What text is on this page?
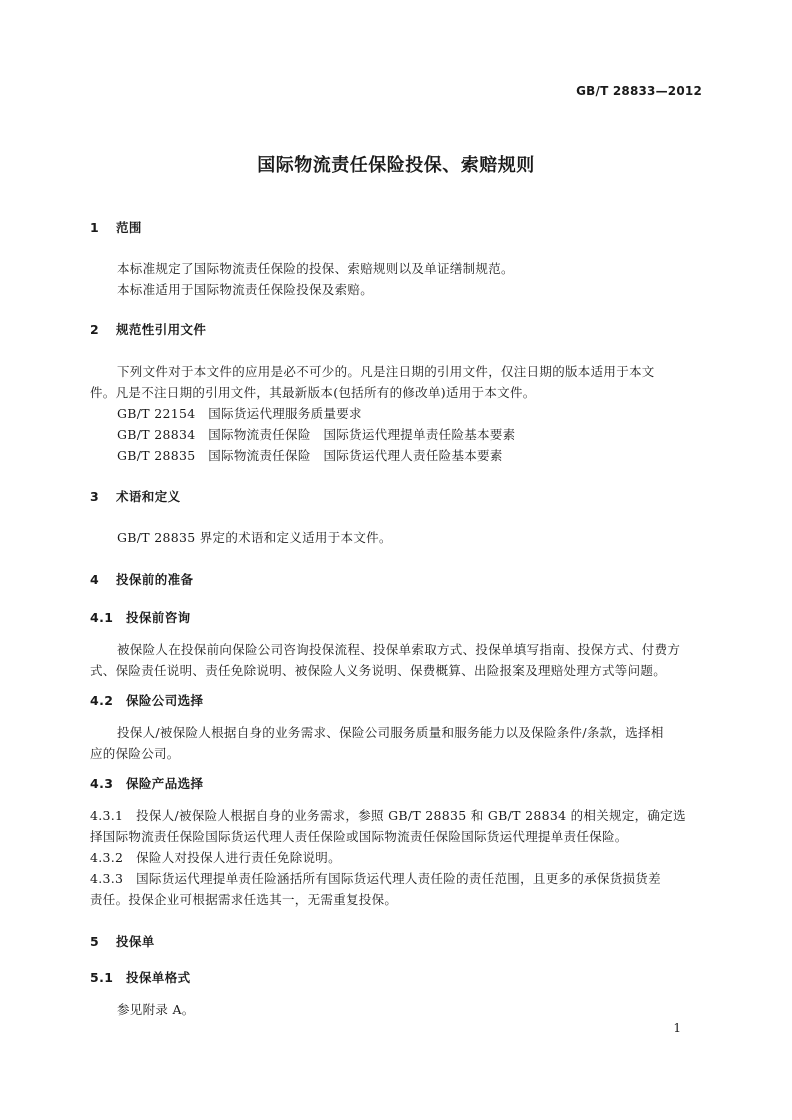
GB/T 28833—2012
国际物流责任保险投保、索赔规则
1 范围
本标准规定了国际物流责任保险的投保、索赔规则以及单证缮制规范。
本标准适用于国际物流责任保险投保及索赔。
2 规范性引用文件
下列文件对于本文件的应用是必不可少的。凡是注日期的引用文件，仅注日期的版本适用于本文
件。凡是不注日期的引用文件，其最新版本(包括所有的修改单)适用于本文件。
GB/T 22154　国际货运代理服务质量要求
GB/T 28834　国际物流责任保险　国际货运代理提单责任险基本要素
GB/T 28835　国际物流责任保险　国际货运代理人责任险基本要素
3 术语和定义
GB/T 28835 界定的术语和定义适用于本文件。
4 投保前的准备
4.1 投保前咨询
被保险人在投保前向保险公司咨询投保流程、投保单索取方式、投保单填写指南、投保方式、付费方
式、保险责任说明、责任免除说明、被保险人义务说明、保费概算、出险报案及理赔处理方式等问题。
4.2 保险公司选择
投保人/被保险人根据自身的业务需求、保险公司服务质量和服务能力以及保险条件/条款，选择相
应的保险公司。
4.3 保险产品选择
4.3.1　投保人/被保险人根据自身的业务需求，参照 GB/T 28835 和 GB/T 28834 的相关规定，确定选
择国际物流责任保险国际货运代理人责任保险或国际物流责任保险国际货运代理提单责任保险。
4.3.2　保险人对投保人进行责任免除说明。
4.3.3　国际货运代理提单责任险涵括所有国际货运代理人责任险的责任范围，且更多的承保货损货差
责任。投保企业可根据需求任选其一，无需重复投保。
5 投保单
5.1 投保单格式
参见附录 A。
1
